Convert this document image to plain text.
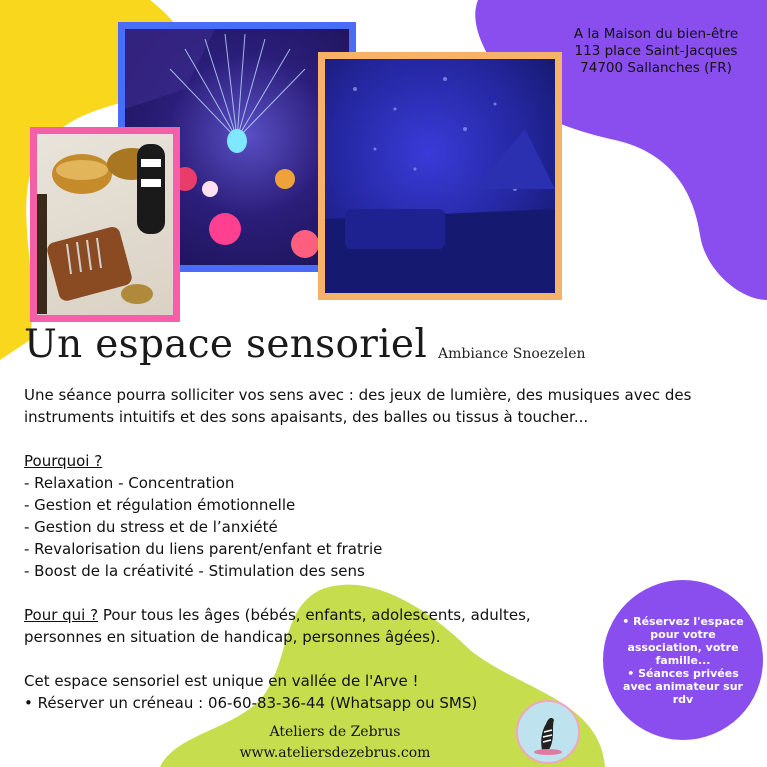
A la Maison du bien-être
113 place Saint-Jacques
74700 Sallanches (FR)
Un espace sensoriel Ambiance Snoezelen

Une séance pourra solliciter vos sens avec : des jeux de lumière, des musiques avec des instruments intuitifs et des sons apaisants, des balles ou tissus à toucher...

Pourquoi ?

- Relaxation - Concentration

- Gestion et régulation émotionnelle

- Gestion du stress et de l’anxiété

- Revalorisation du liens parent/enfant et fratrie

- Boost de la créativité - Stimulation des sens

Pour qui ? Pour tous les âges (bébés, enfants, adolescents, adultes, personnes en situation de handicap, personnes âgées).

Cet espace sensoriel est unique en vallée de l'Arve !

• Réserver un créneau : 06-60-83-36-44 (Whatsapp ou SMS)

• Réservez l'espace pour votre association, votre famille...
• Séances privées avec animateur sur rdv
Ateliers de Zebrus
www.ateliersdezebrus.com
